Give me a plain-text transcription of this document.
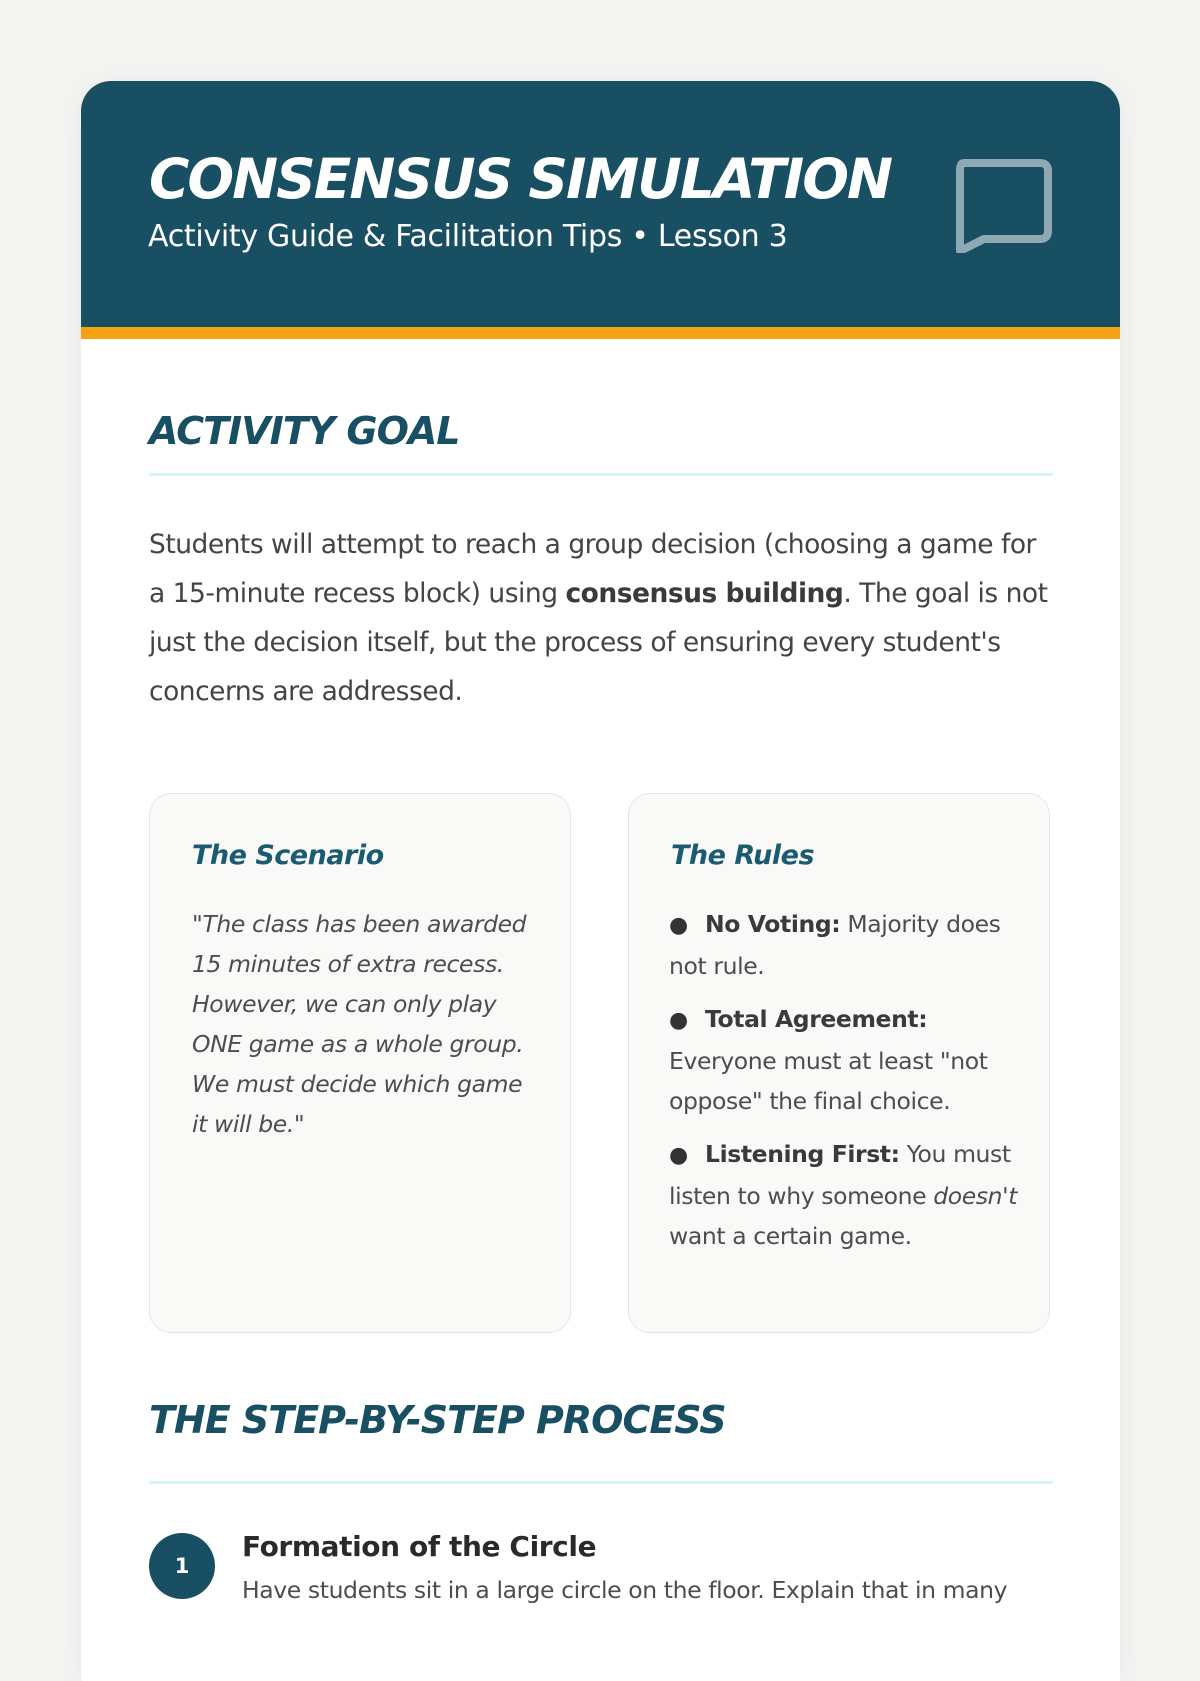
CONSENSUS SIMULATION
Activity Guide & Facilitation Tips • Lesson 3
ACTIVITY GOAL

Students will attempt to reach a group decision (choosing a game for a 15-minute recess block) using consensus building. The goal is not just the decision itself, but the process of ensuring every student's concerns are addressed.

The Scenario

"The class has been awarded 15 minutes of extra recess. However, we can only play ONE game as a whole group. We must decide which game it will be."

The Rules
● No Voting: Majority does not rule.
● Total Agreement: Everyone must at least "not oppose" the final choice.
● Listening First: You must listen to why someone doesn't want a certain game.
THE STEP-BY-STEP PROCESS
1
Formation of the Circle

Have students sit in a large circle on the floor. Explain that in many
